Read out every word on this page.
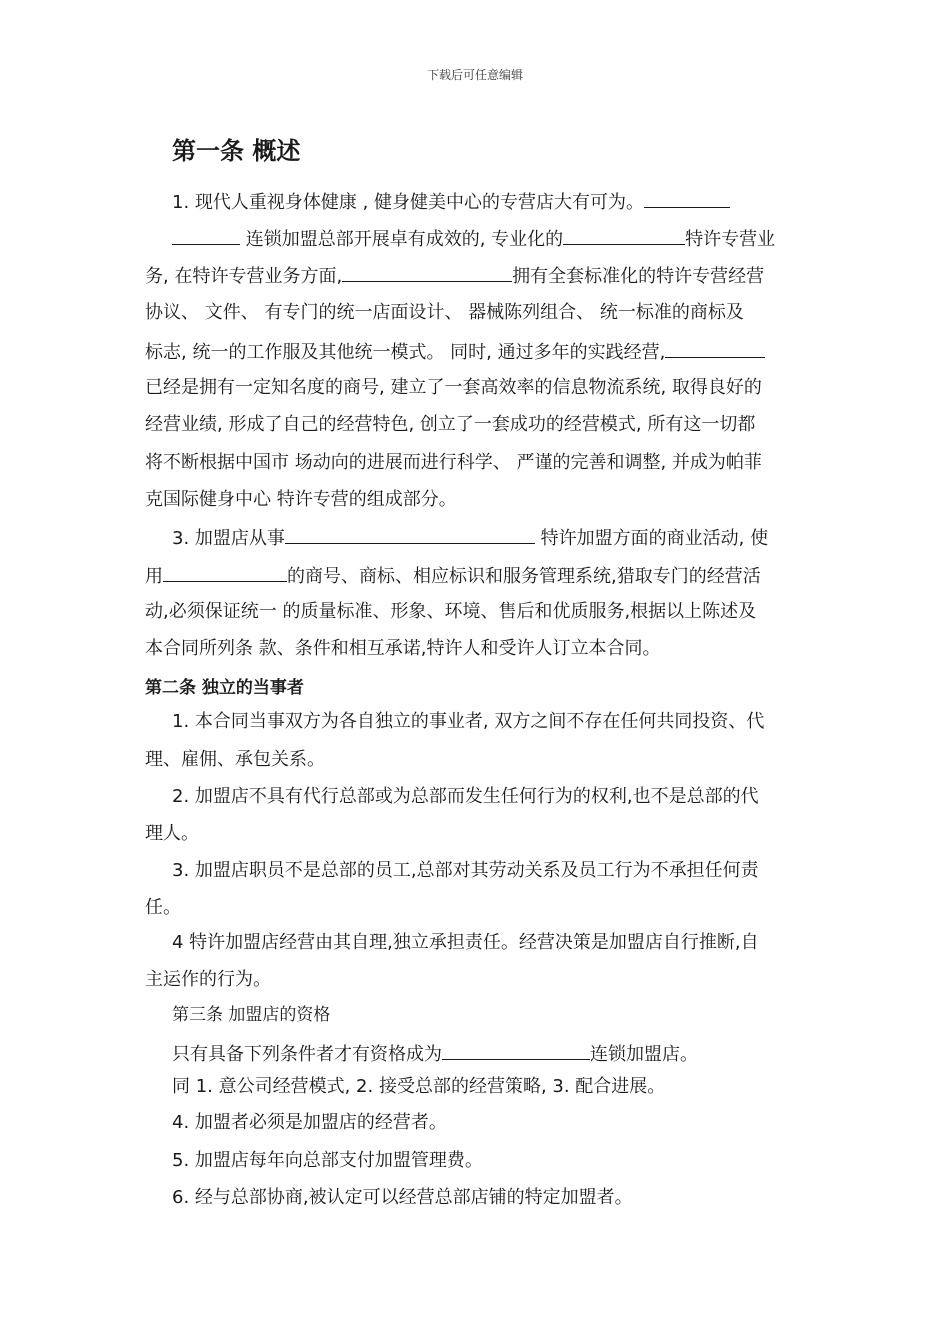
下载后可任意编辑
第一条 概述
1. 现代人重视身体健康 , 健身健美中心的专营店大有可为。
连锁加盟总部开展卓有成效的, 专业化的	特许专营业
务, 在特许专营业务方面,	拥有全套标准化的特许专营经营
协议、 文件、 有专门的统一店面设计、 器械陈列组合、 统一标准的商标及
标志, 统一的工作服及其他统一模式。 同时, 通过多年的实践经营,
已经是拥有一定知名度的商号, 建立了一套高效率的信息物流系统, 取得良好的
经营业绩, 形成了自己的经营特色, 创立了一套成功的经营模式, 所有这一切都
将不断根据中国市 场动向的进展而进行科学、 严谨的完善和调整, 并成为帕菲
克国际健身中心 特许专营的组成部分。
3. 加盟店从事	特许加盟方面的商业活动, 使
用	的商号、商标、相应标识和服务管理系统,猎取专门的经营活
动,必须保证统一 的质量标准、形象、环境、售后和优质服务,根据以上陈述及
本合同所列条 款、条件和相互承诺,特许人和受许人订立本合同。
第二条 独立的当事者
1. 本合同当事双方为各自独立的事业者, 双方之间不存在任何共同投资、代
理、雇佣、承包关系。
2. 加盟店不具有代行总部或为总部而发生任何行为的权利,也不是总部的代
理人。
3. 加盟店职员不是总部的员工,总部对其劳动关系及员工行为不承担任何责
任。
4 特许加盟店经营由其自理,独立承担责任。经营决策是加盟店自行推断,自
主运作的行为。
第三条 加盟店的资格
只有具备下列条件者才有资格成为	连锁加盟店。
同 1. 意公司经营模式, 2. 接受总部的经营策略, 3. 配合进展。
4. 加盟者必须是加盟店的经营者。
5. 加盟店每年向总部支付加盟管理费。
6. 经与总部协商,被认定可以经营总部店铺的特定加盟者。
